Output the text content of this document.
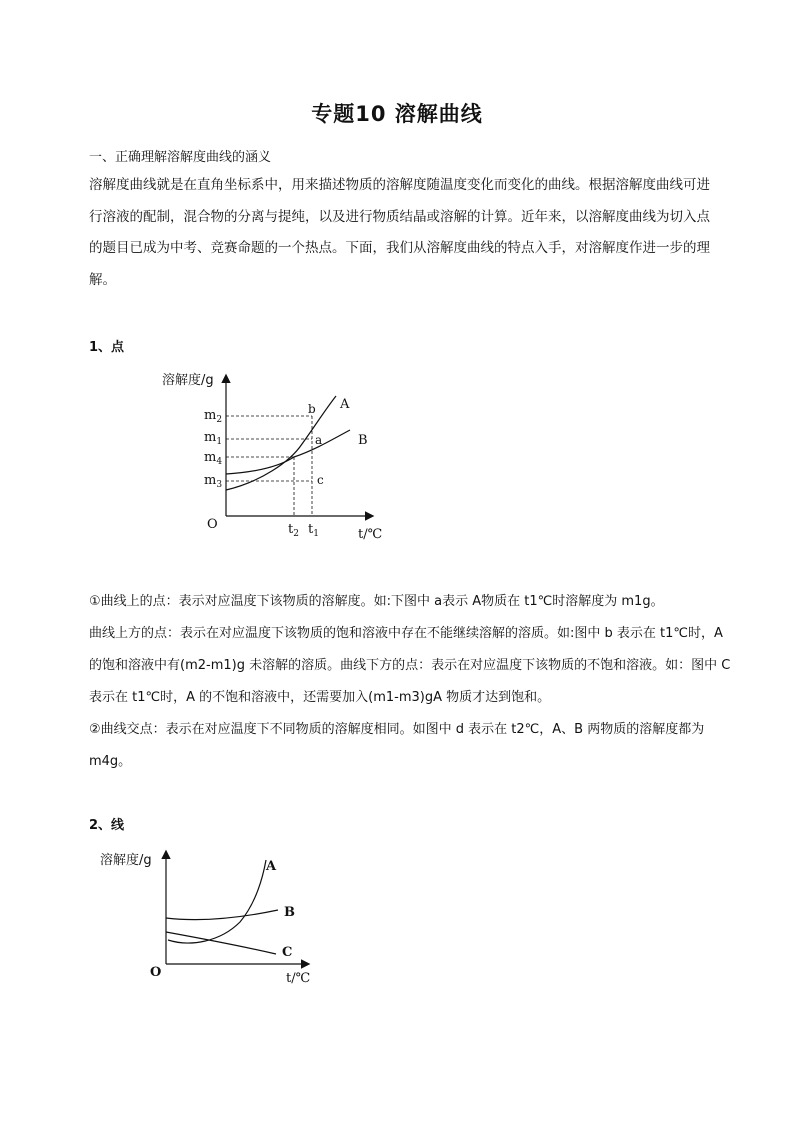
专题10 溶解曲线
一、正确理解溶解度曲线的涵义
溶解度曲线就是在直角坐标系中，用来描述物质的溶解度随温度变化而变化的曲线。根据溶解度曲线可进行溶液的配制，混合物的分离与提纯，以及进行物质结晶或溶解的计算。近年来，以溶解度曲线为切入点的题目已成为中考、竞赛命题的一个热点。下面，我们从溶解度曲线的特点入手，对溶解度作进一步的理解。
1、点
溶解度/g
t/℃
O
$m_2$
$m_1$
$m_4$
$m_3$
$t_2$ $t_1$
A
B
a
b
c
①曲线上的点：表示对应温度下该物质的溶解度。如:下图中 a表示 A物质在 t1℃时溶解度为 m1g。
曲线上方的点：表示在对应温度下该物质的饱和溶液中存在不能继续溶解的溶质。如:图中 b 表示在 t1℃时，A 的饱和溶液中有(m2-m1)g 未溶解的溶质。曲线下方的点：表示在对应温度下该物质的不饱和溶液。如：图中 C 表示在 t1℃时，A 的不饱和溶液中，还需要加入(m1-m3)gA 物质才达到饱和。
②曲线交点：表示在对应温度下不同物质的溶解度相同。如图中 d 表示在 t2℃，A、B 两物质的溶解度都为 m4g。
2、线
溶解度/g
t/℃
O
A
B
C
